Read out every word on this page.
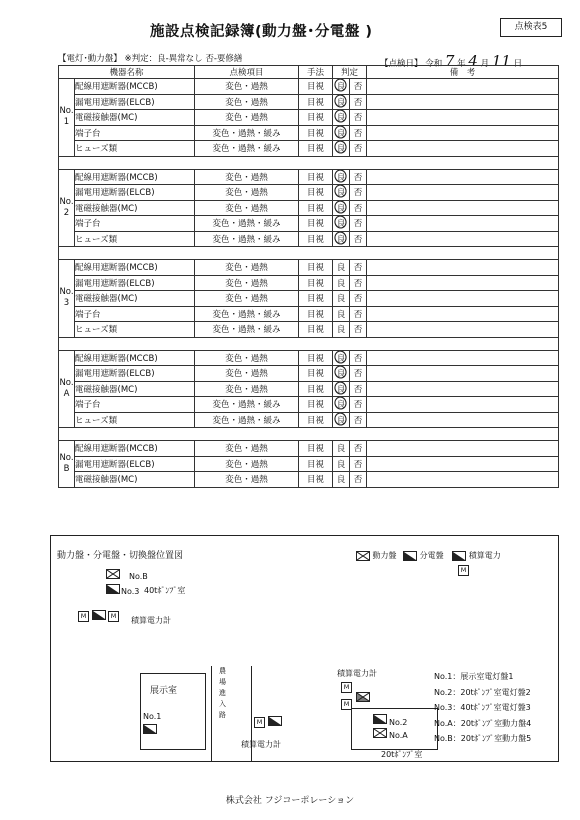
施設点検記録簿(動力盤･分電盤 )	点検表5
【電灯･動力盤】 ※判定：良-異常なし 否-要修繕	【点検日】 令和 7 年 4 月 11 日
機器名称		点検項目	手法	判定		備　考

No.
1	配線用遮断器(MCCB)	変色・過熱	目視	良	否	
	漏電用遮断器(ELCB)	変色・過熱	目視	良	否	
	電磁接触器(MC)	変色・過熱	目視	良	否	
	端子台	変色・過熱・緩み	目視	良	否	
	ヒューズ類	変色・過熱・緩み	目視	良	否	

No.
2	配線用遮断器(MCCB)	変色・過熱	目視	良	否	
	漏電用遮断器(ELCB)	変色・過熱	目視	良	否	
	電磁接触器(MC)	変色・過熱	目視	良	否	
	端子台	変色・過熱・緩み	目視	良	否	
	ヒューズ類	変色・過熱・緩み	目視	良	否	

No.
3	配線用遮断器(MCCB)	変色・過熱	目視	良	否	
	漏電用遮断器(ELCB)	変色・過熱	目視	良	否	
	電磁接触器(MC)	変色・過熱	目視	良	否	
	端子台	変色・過熱・緩み	目視	良	否	
	ヒューズ類	変色・過熱・緩み	目視	良	否	

No.
A	配線用遮断器(MCCB)	変色・過熱	目視	良	否	
	漏電用遮断器(ELCB)	変色・過熱	目視	良	否	
	電磁接触器(MC)	変色・過熱	目視	良	否	
	端子台	変色・過熱・緩み	目視	良	否	
	ヒューズ類	変色・過熱・緩み	目視	良	否	

No.
B	配線用遮断器(MCCB)	変色・過熱	目視	良	否	
	漏電用遮断器(ELCB)	変色・過熱	目視	良	否	
	電磁接触器(MC)	変色・過熱	目視	良	否	
動力盤・分電盤・切換盤位置図	動力盤	分電盤	積算電力
M
No.B
No.3 40tﾎﾟﾝﾌﾟ室
M	M
積算電力計
展示室
No.1
農場進入路
M
積算電力計
積算電力計
M
M
No.2
No.A
20tﾎﾟﾝﾌﾟ室
No.1：展示室電灯盤1
No.2：20tﾎﾟﾝﾌﾟ室電灯盤2
No.3：40tﾎﾟﾝﾌﾟ室電灯盤3
No.A：20tﾎﾟﾝﾌﾟ室動力盤4
No.B：20tﾎﾟﾝﾌﾟ室動力盤5
株式会社 フジコーポレーション
